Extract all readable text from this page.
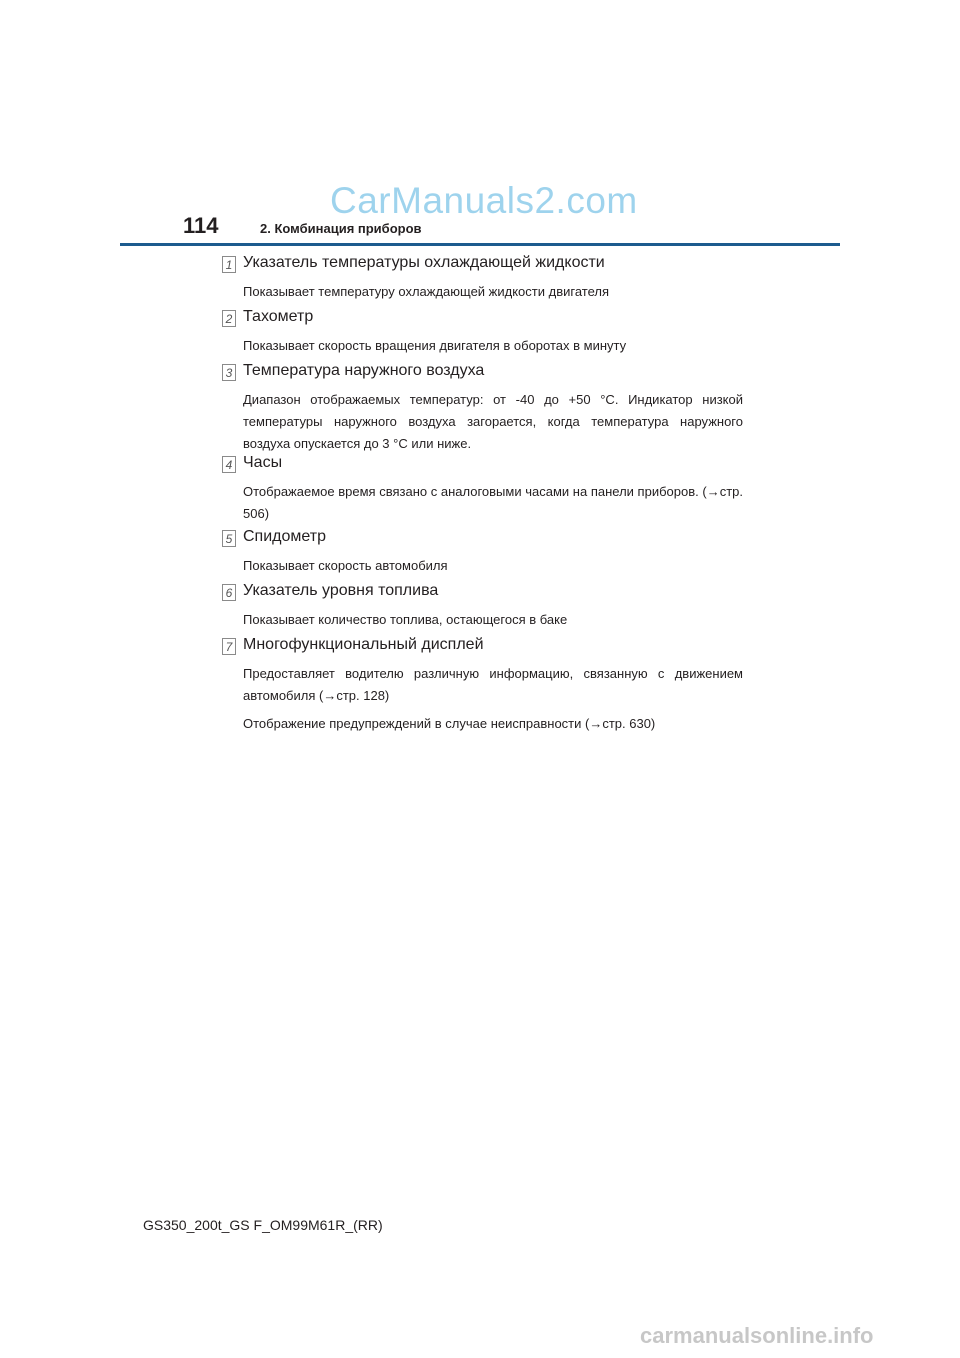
CarManuals2.com
114	2. Комбинация приборов
1 Указатель температуры охлаждающей жидкости

Показывает температуру охлаждающей жидкости двигателя

2 Тахометр

Показывает скорость вращения двигателя в оборотах в минуту

3 Температура наружного воздуха

Диапазон отображаемых температур: от -40 до +50 °C. Индикатор низкой температуры наружного воздуха загорается, когда температура наружного воздуха опускается до 3 °C или ниже.

4 Часы

Отображаемое время связано с аналоговыми часами на панели приборов. (→стр. 506)

5 Спидометр

Показывает скорость автомобиля

6 Указатель уровня топлива

Показывает количество топлива, остающегося в баке

7 Многофункциональный дисплей

Предоставляет водителю различную информацию, связанную с движением автомобиля (→стр. 128)

Отображение предупреждений в случае неисправности (→стр. 630)

GS350_200t_GS F_OM99M61R_(RR)
carmanualsonline.info
